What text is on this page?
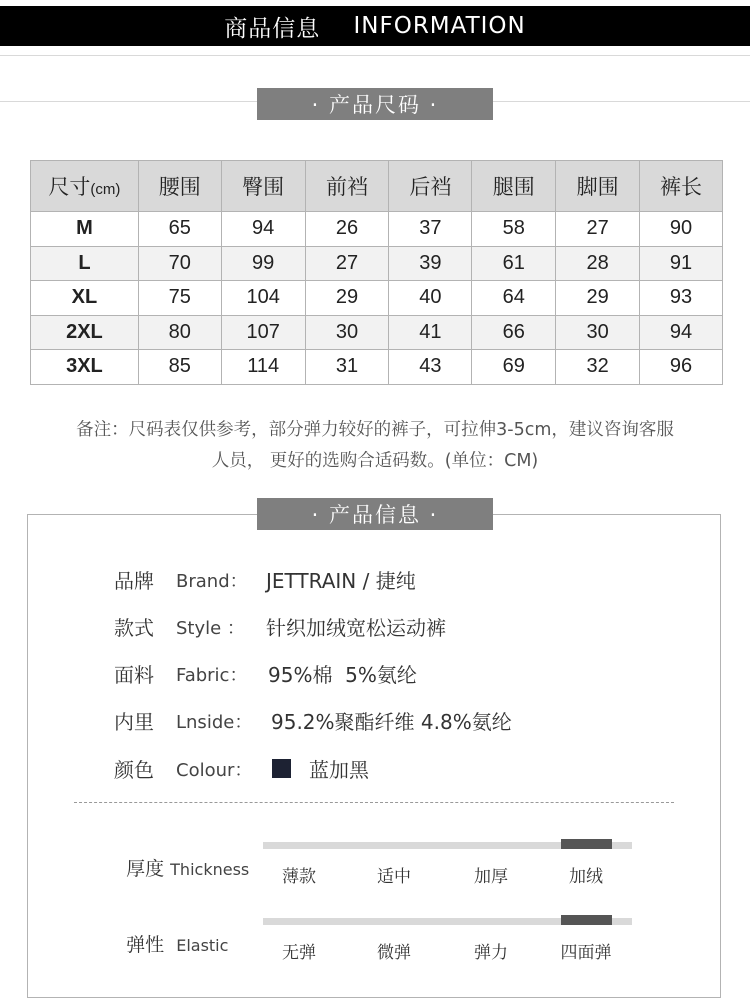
商品信息
INFORMATION
· 产品尺码 ·
尺寸(cm)	腰围	臀围	前裆	后裆	腿围	脚围	裤长
M	65	94	26	37	58	27	90
L	70	99	27	39	61	28	91
XL	75	104	29	40	64	29	93
2XL	80	107	30	41	66	30	94
3XL	85	114	31	43	69	32	96
备注：尺码表仅供参考，部分弹力较好的裤子，可拉伸3-5cm，建议咨询客服
人员， 更好的选购合适码数。(单位：CM)
· 产品信息 ·
品牌	Brand： JETTRAIN / 捷纯
款式	Style ：	针织加绒宽松运动裤
面料	Fabric：	95%棉  5%氨纶
内里	Lnside： 95.2%聚酯纤维 4.8%氨纶
颜色	Colour：	蓝加黑

厚度 Thickness	薄款	适中	加厚	加绒

弹性 Elastic	无弹	微弹	弹力	四面弹
